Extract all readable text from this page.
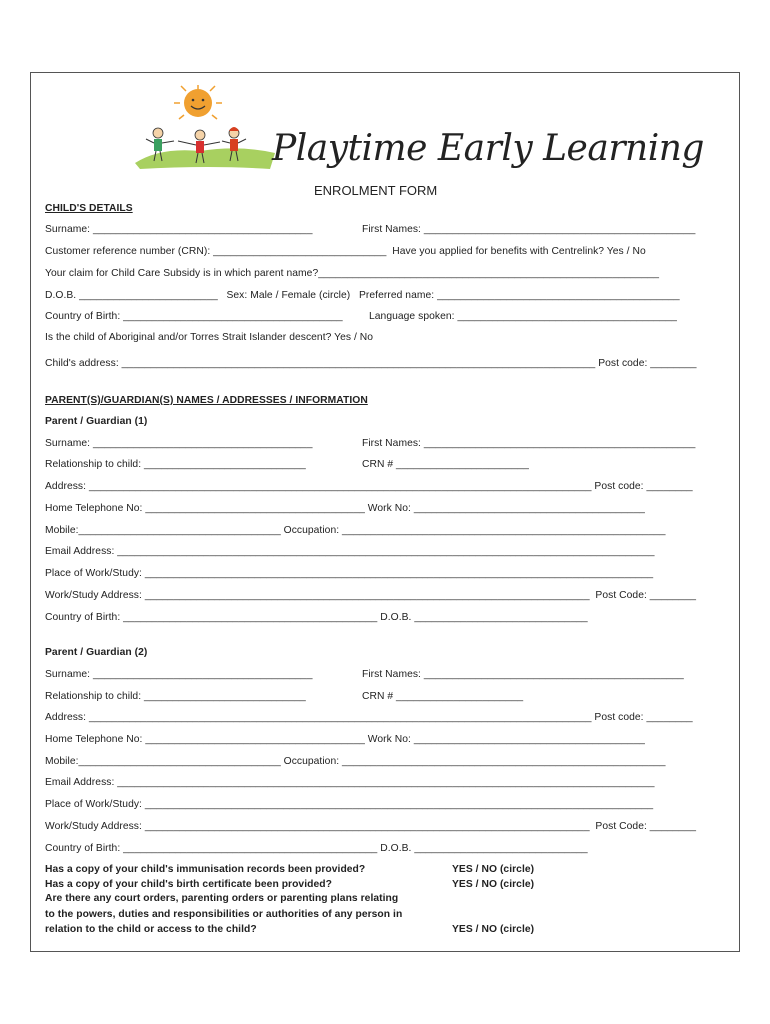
Playtime Early Learning
ENROLMENT FORM
CHILD'S DETAILS
Surname: ______________________________________	First Names: _______________________________________________
Customer reference number (CRN): ______________________________  Have you applied for benefits with Centrelink? Yes / No
Your claim for Child Care Subsidy is in which parent name?___________________________________________________________
D.O.B. ________________________   Sex: Male / Female (circle)   Preferred name: __________________________________________
Country of Birth: ______________________________________	Language spoken: ______________________________________
Is the child of Aboriginal and/or Torres Strait Islander descent? Yes / No
Child's address: __________________________________________________________________________________ Post code: ________
PARENT(S)/GUARDIAN(S) NAMES / ADDRESSES / INFORMATION
Parent / Guardian (1)
Surname: ______________________________________	First Names: _______________________________________________
Relationship to child: ____________________________	CRN # _______________________
Address: _______________________________________________________________________________________ Post code: ________
Home Telephone No: ______________________________________ Work No: ________________________________________
Mobile:___________________________________ Occupation: ________________________________________________________
Email Address: _____________________________________________________________________________________________
Place of Work/Study: ________________________________________________________________________________________
Work/Study Address: _____________________________________________________________________________  Post Code: ________
Country of Birth: ____________________________________________ D.O.B. ______________________________
Parent / Guardian (2)
Surname: ______________________________________	First Names: _____________________________________________
Relationship to child: ____________________________	CRN # ______________________
Address: _______________________________________________________________________________________ Post code: ________
Home Telephone No: ______________________________________ Work No: ________________________________________
Mobile:___________________________________ Occupation: ________________________________________________________
Email Address: _____________________________________________________________________________________________
Place of Work/Study: ________________________________________________________________________________________
Work/Study Address: _____________________________________________________________________________  Post Code: ________
Country of Birth: ____________________________________________ D.O.B. ______________________________
Has a copy of your child's immunisation records been provided?	YES / NO (circle)
Has a copy of your child's birth certificate been provided?	YES / NO (circle)
Are there any court orders, parenting orders or parenting plans relating
to the powers, duties and responsibilities or authorities of any person in
relation to the child or access to the child?	YES / NO (circle)
